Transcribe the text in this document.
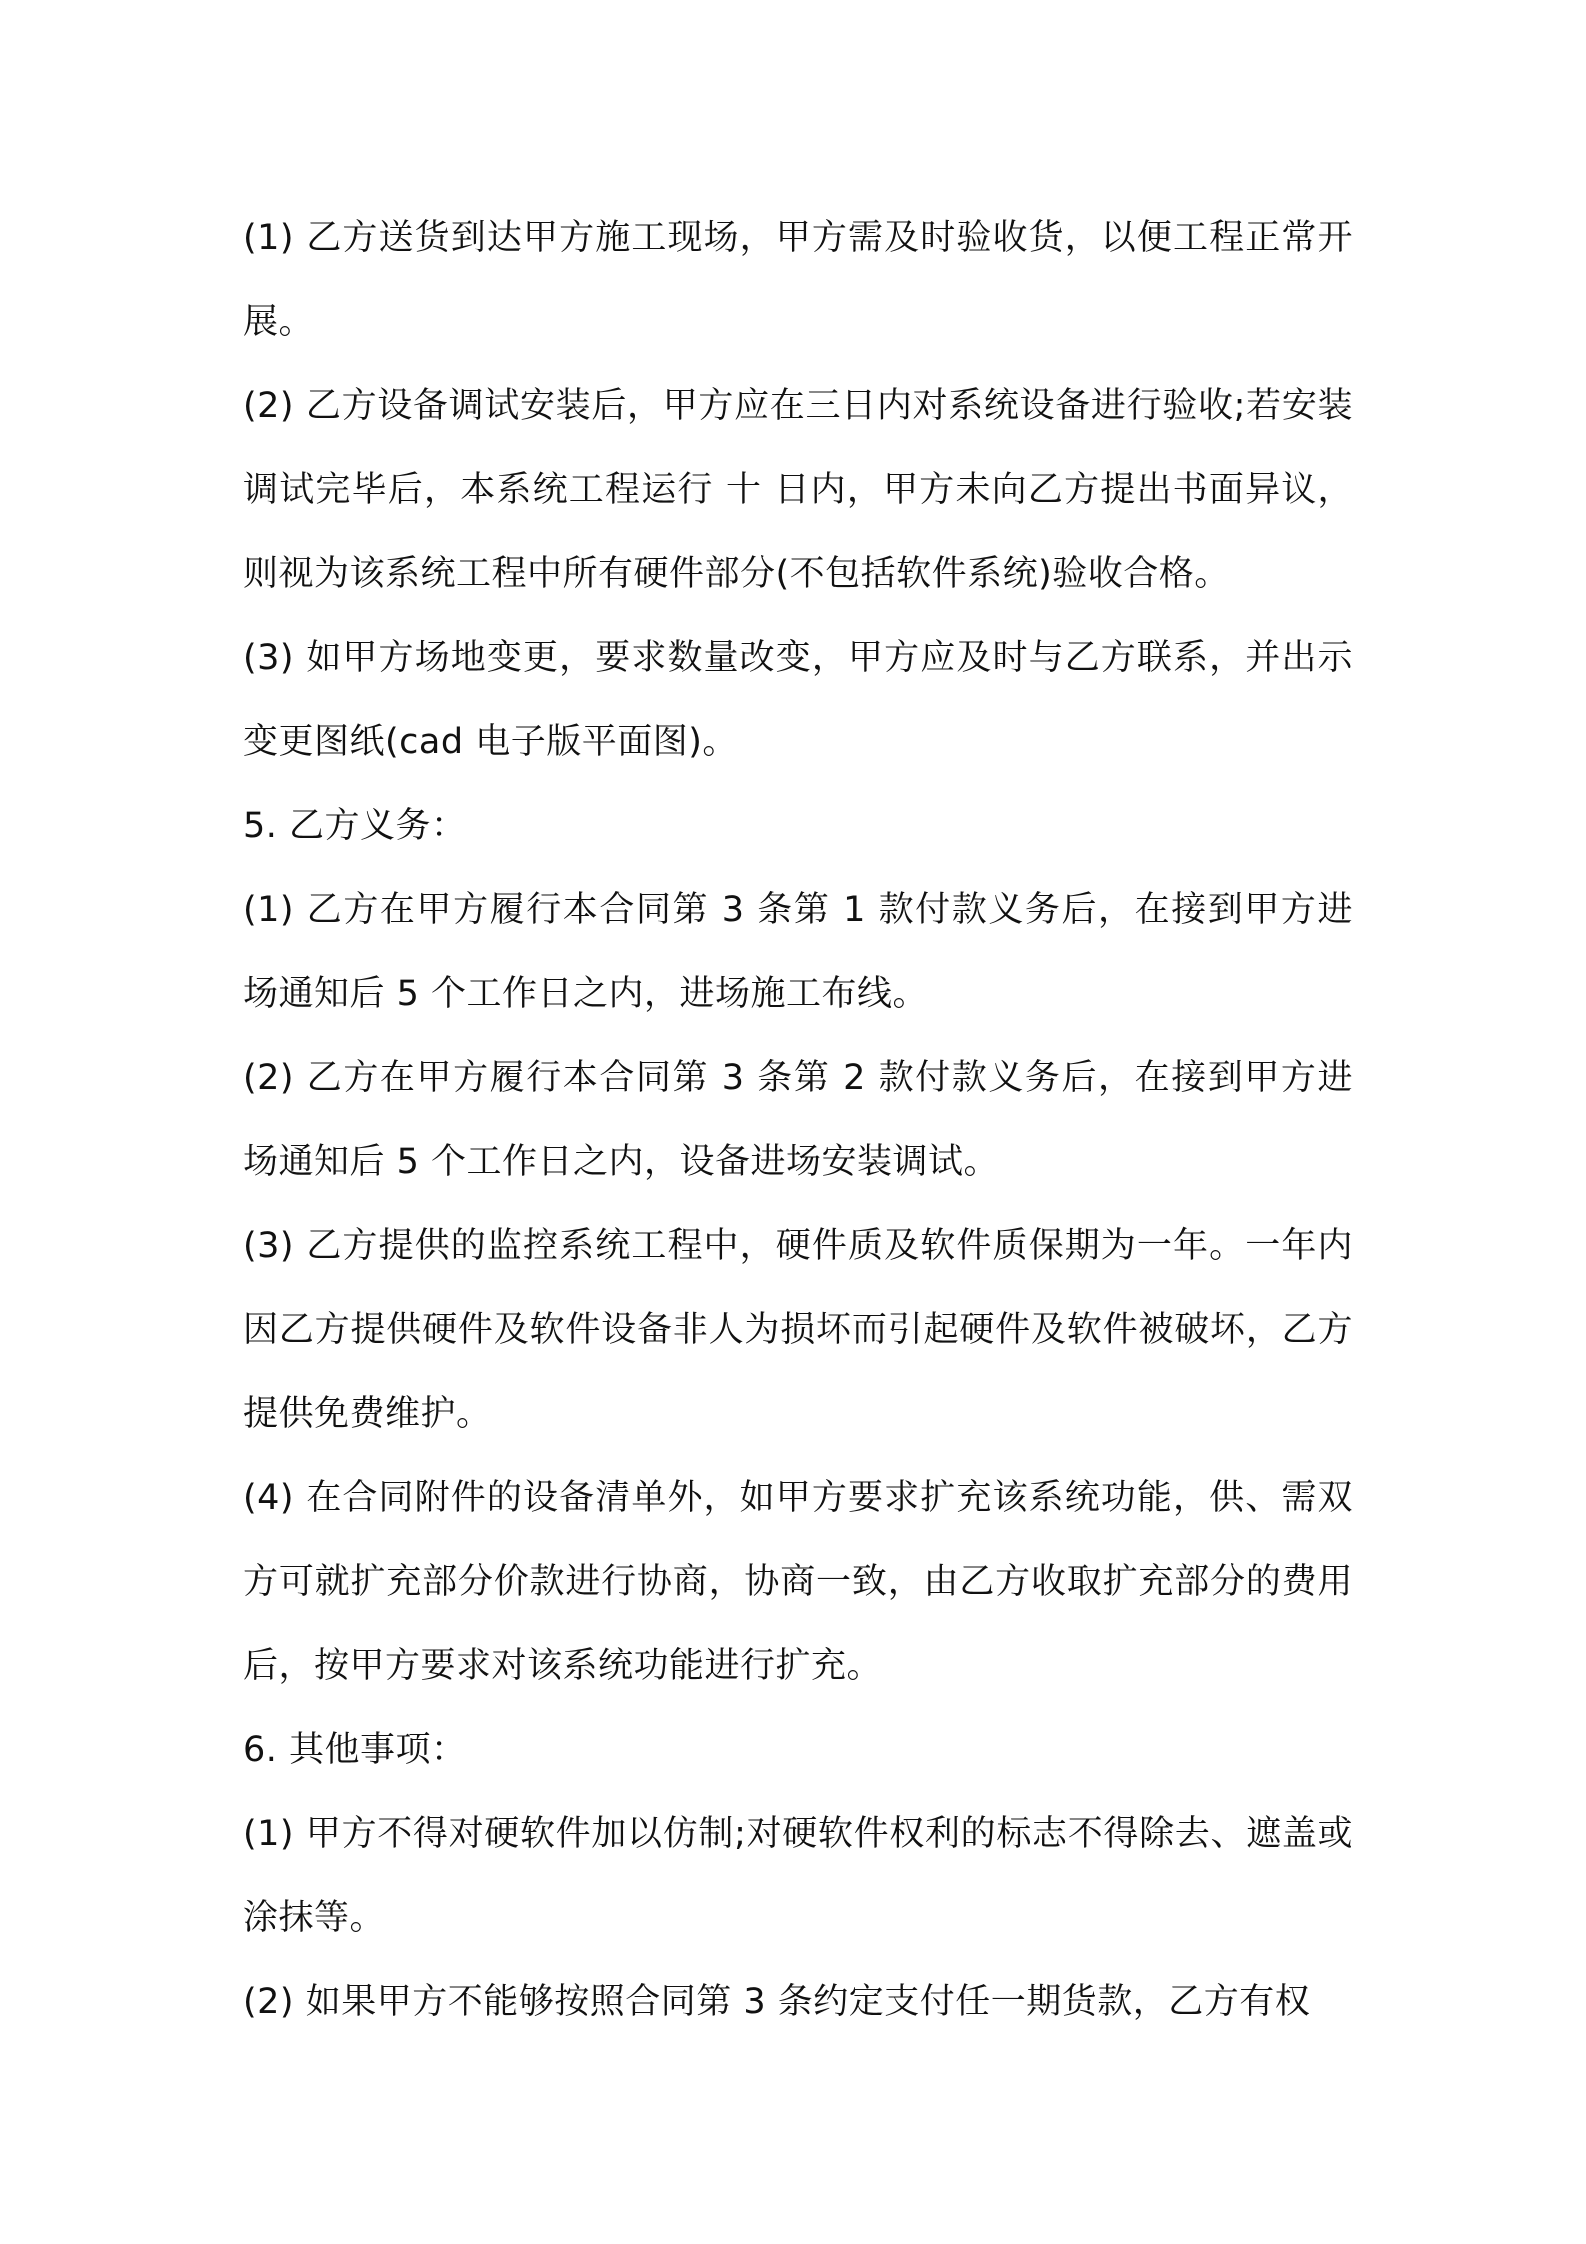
(1) 乙方送货到达甲方施工现场，甲方需及时验收货，以便工程正常开展。

(2) 乙方设备调试安装后，甲方应在三日内对系统设备进行验收;若安装调试完毕后，本系统工程运行 十 日内，甲方未向乙方提出书面异议，则视为该系统工程中所有硬件部分(不包括软件系统)验收合格。

(3) 如甲方场地变更，要求数量改变，甲方应及时与乙方联系，并出示变更图纸(cad 电子版平面图)。

5. 乙方义务：

(1) 乙方在甲方履行本合同第 3 条第 1 款付款义务后，在接到甲方进场通知后 5 个工作日之内，进场施工布线。

(2) 乙方在甲方履行本合同第 3 条第 2 款付款义务后，在接到甲方进场通知后 5 个工作日之内，设备进场安装调试。

(3) 乙方提供的监控系统工程中，硬件质及软件质保期为一年。一年内因乙方提供硬件及软件设备非人为损坏而引起硬件及软件被破坏，乙方提供免费维护。

(4) 在合同附件的设备清单外，如甲方要求扩充该系统功能，供、需双方可就扩充部分价款进行协商，协商一致，由乙方收取扩充部分的费用后，按甲方要求对该系统功能进行扩充。

6. 其他事项：

(1) 甲方不得对硬软件加以仿制;对硬软件权利的标志不得除去、遮盖或涂抹等。

(2) 如果甲方不能够按照合同第 3 条约定支付任一期货款，乙方有权
